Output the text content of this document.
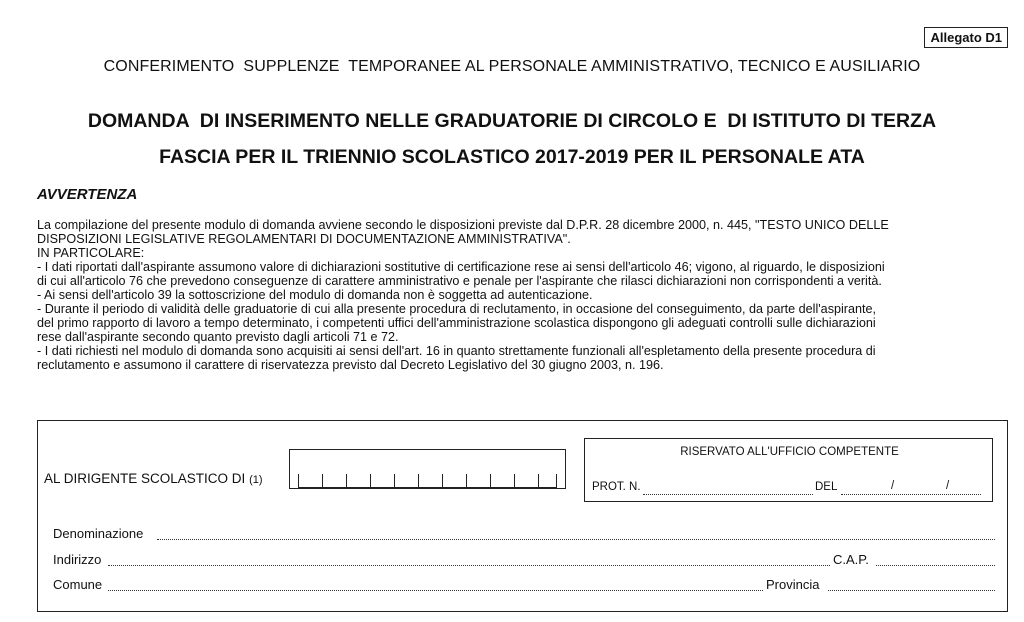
Allegato D1
CONFERIMENTO  SUPPLENZE  TEMPORANEE AL PERSONALE AMMINISTRATIVO, TECNICO E AUSILIARIO
DOMANDA  DI INSERIMENTO NELLE GRADUATORIE DI CIRCOLO E  DI ISTITUTO DI TERZA
FASCIA PER IL TRIENNIO SCOLASTICO 2017-2019 PER IL PERSONALE ATA
AVVERTENZA
La compilazione del presente modulo di domanda avviene secondo le disposizioni previste dal D.P.R. 28 dicembre 2000, n. 445, "TESTO UNICO DELLE
DISPOSIZIONI LEGISLATIVE REGOLAMENTARI DI DOCUMENTAZIONE AMMINISTRATIVA".
IN PARTICOLARE:
- I dati riportati dall'aspirante assumono valore di dichiarazioni sostitutive di certificazione rese ai sensi dell'articolo 46; vigono, al riguardo, le disposizioni
di cui all'articolo 76 che prevedono conseguenze di carattere amministrativo e penale per l'aspirante che rilasci dichiarazioni non corrispondenti a verità.
- Ai sensi dell'articolo 39 la sottoscrizione del modulo di domanda non è soggetta ad autenticazione.
- Durante il periodo di validità delle graduatorie di cui alla presente procedura di reclutamento, in occasione del conseguimento, da parte dell'aspirante,
del primo rapporto di lavoro a tempo determinato, i competenti uffici dell'amministrazione scolastica dispongono gli adeguati controlli sulle dichiarazioni
rese dall'aspirante secondo quanto previsto dagli articoli 71 e 72.
- I dati richiesti nel modulo di domanda sono acquisiti ai sensi dell'art. 16 in quanto strettamente funzionali all'espletamento della presente procedura di
reclutamento e assumono il carattere di riservatezza previsto dal Decreto Legislativo del 30 giugno 2003, n. 196.
AL DIRIGENTE SCOLASTICO DI (1)
RISERVATO ALL'UFFICIO COMPETENTE
PROT. N.	DEL	/	/
Denominazione
Indirizzo	C.A.P.
Comune	Provincia
